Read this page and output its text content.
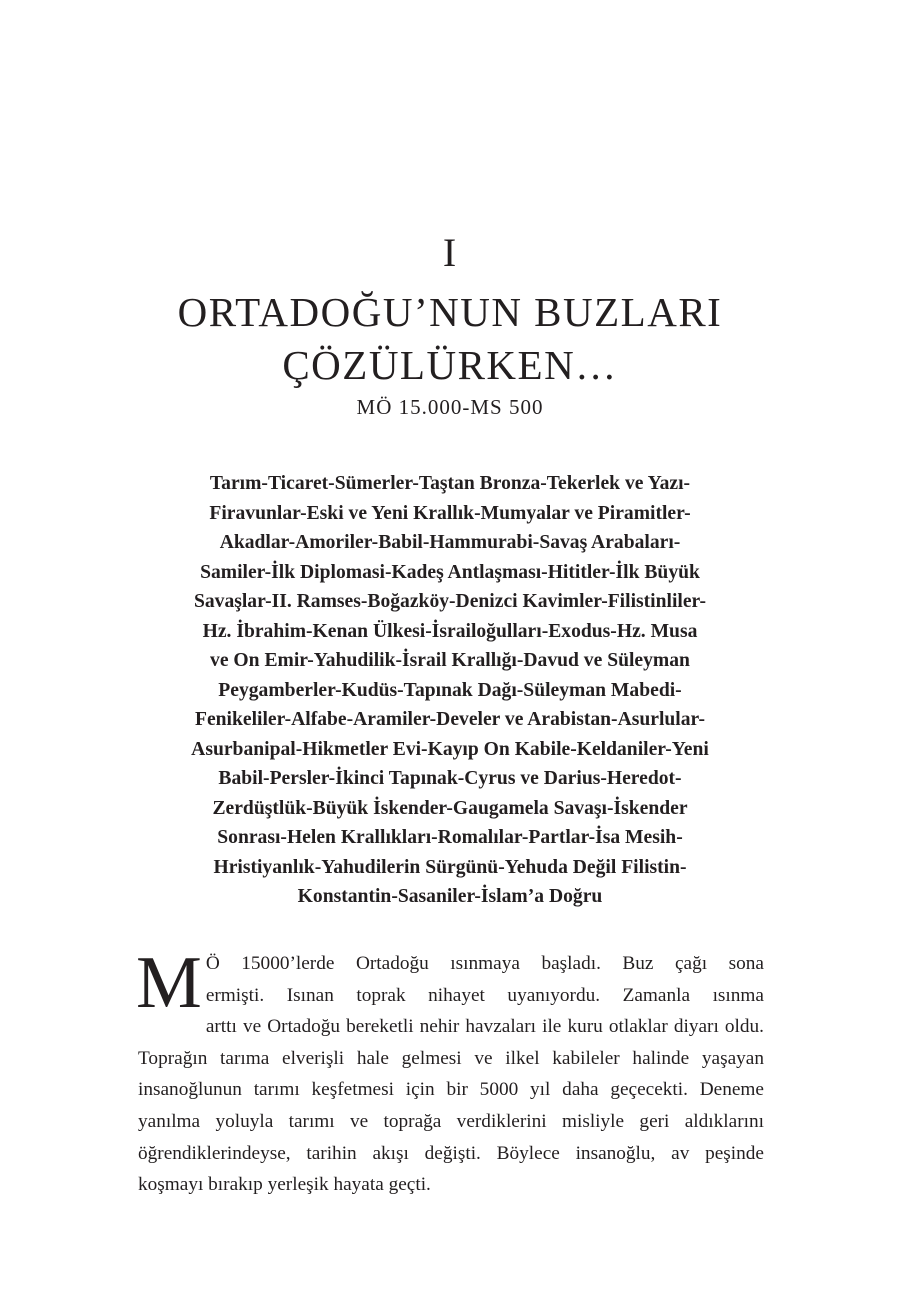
I
ORTADOĞU’NUN BUZLARI
ÇÖZÜLÜRKEN…
MÖ 15.000-MS 500

Tarım-Ticaret-Sümerler-Taştan Bronza-Tekerlek ve Yazı-
Firavunlar-Eski ve Yeni Krallık-Mumyalar ve Piramitler-
Akadlar-Amoriler-Babil-Hammurabi-Savaş Arabaları-
Samiler-İlk Diplomasi-Kadeş Antlaşması-Hititler-İlk Büyük
Savaşlar-II. Ramses-Boğazköy-Denizci Kavimler-Filistinliler-
Hz. İbrahim-Kenan Ülkesi-İsrailoğulları-Exodus-Hz. Musa
ve On Emir-Yahudilik-İsrail Krallığı-Davud ve Süleyman
Peygamberler-Kudüs-Tapınak Dağı-Süleyman Mabedi-
Fenikeliler-Alfabe-Aramiler-Develer ve Arabistan-Asurlular-
Asurbanipal-Hikmetler Evi-Kayıp On Kabile-Keldaniler-Yeni
Babil-Persler-İkinci Tapınak-Cyrus ve Darius-Heredot-
Zerdüştlük-Büyük İskender-Gaugamela Savaşı-İskender
Sonrası-Helen Krallıkları-Romalılar-Partlar-İsa Mesih-
Hristiyanlık-Yahudilerin Sürgünü-Yehuda Değil Filistin-
Konstantin-Sasaniler-İslam’a Doğru

M Ö 15000’lerde Ortadoğu ısınmaya başladı. Buz çağı sona
ermişti. Isınan toprak nihayet uyanıyordu. Zamanla ısınma
arttı ve Ortadoğu bereketli nehir havzaları ile kuru otlaklar diyarı oldu.
Toprağın tarıma elverişli hale gelmesi ve ilkel kabileler halinde yaşayan
insanoğlunun tarımı keşfetmesi için bir 5000 yıl daha geçecekti. Deneme
yanılma yoluyla tarımı ve toprağa verdiklerini misliyle geri aldıklarını
öğrendiklerindeyse, tarihin akışı değişti. Böylece insanoğlu, av peşinde
koşmayı bırakıp yerleşik hayata geçti.
